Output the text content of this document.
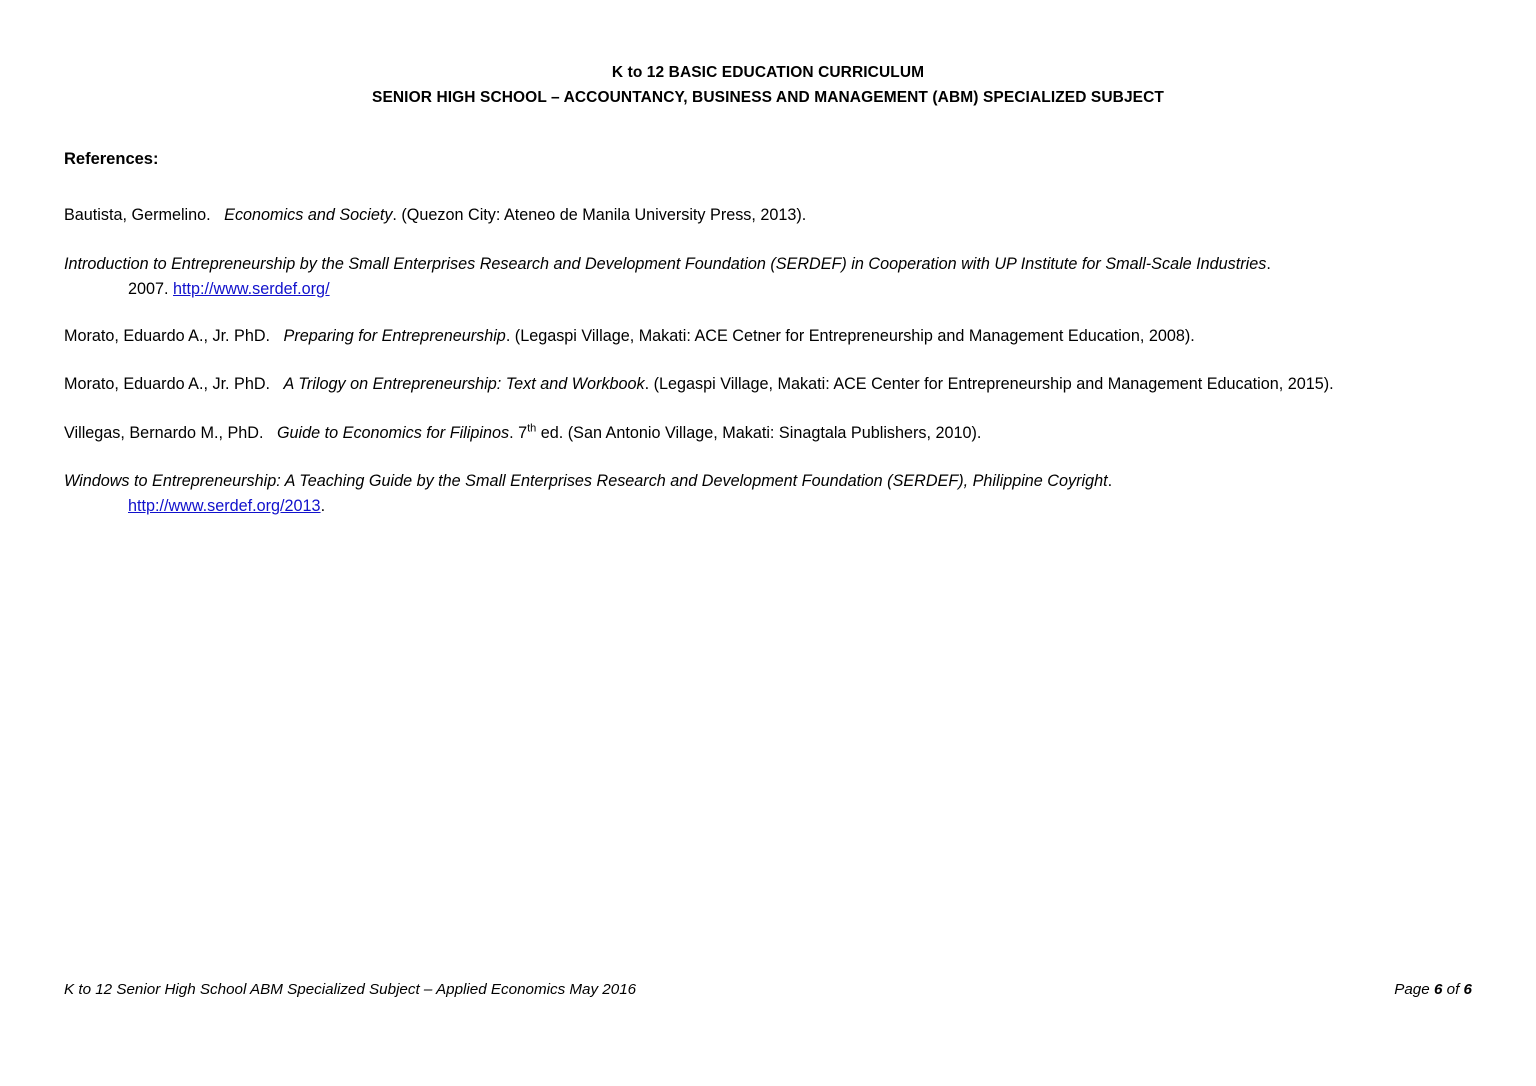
K to 12 BASIC EDUCATION CURRICULUM
SENIOR HIGH SCHOOL – ACCOUNTANCY, BUSINESS AND MANAGEMENT (ABM) SPECIALIZED SUBJECT

References:

Bautista, Germelino. Economics and Society. (Quezon City: Ateneo de Manila University Press, 2013).

Introduction to Entrepreneurship by the Small Enterprises Research and Development Foundation (SERDEF) in Cooperation with UP Institute for Small-Scale Industries.
2007. http://www.serdef.org/

Morato, Eduardo A., Jr. PhD. Preparing for Entrepreneurship. (Legaspi Village, Makati: ACE Cetner for Entrepreneurship and Management Education, 2008).

Morato, Eduardo A., Jr. PhD. A Trilogy on Entrepreneurship: Text and Workbook. (Legaspi Village, Makati: ACE Center for Entrepreneurship and Management Education, 2015).

Villegas, Bernardo M., PhD. Guide to Economics for Filipinos. 7th ed. (San Antonio Village, Makati: Sinagtala Publishers, 2010).

Windows to Entrepreneurship: A Teaching Guide by the Small Enterprises Research and Development Foundation (SERDEF), Philippine Coyright.
http://www.serdef.org/2013.

K to 12 Senior High School ABM Specialized Subject – Applied Economics May 2016	Page 6 of 6
